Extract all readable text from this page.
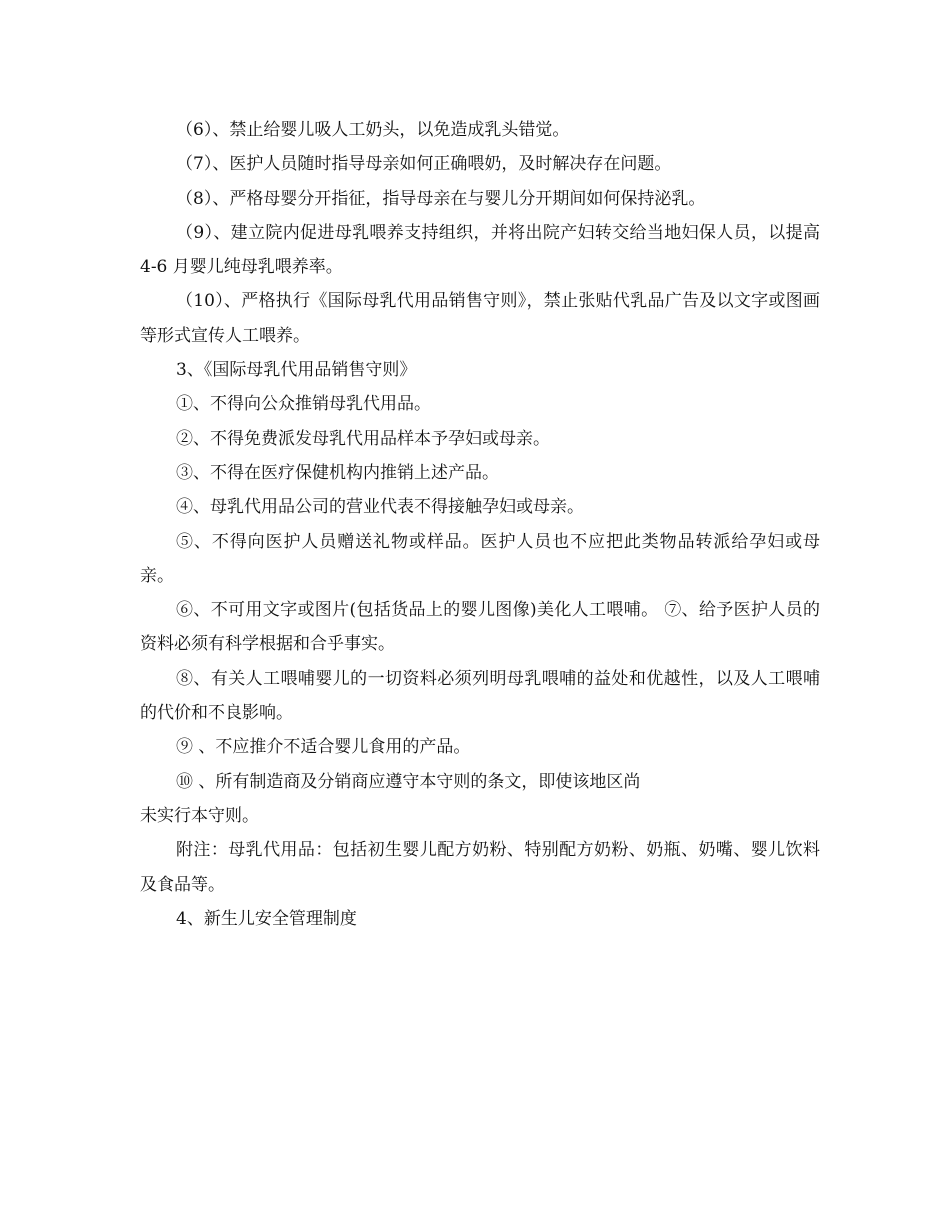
（6）、禁止给婴儿吸人工奶头，以免造成乳头错觉。

（7）、医护人员随时指导母亲如何正确喂奶，及时解决存在问题。

（8）、严格母婴分开指征，指导母亲在与婴儿分开期间如何保持泌乳。

（9）、建立院内促进母乳喂养支持组织，并将出院产妇转交给当地妇保人员，以提高 4-6 月婴儿纯母乳喂养率。

（10）、严格执行《国际母乳代用品销售守则》，禁止张贴代乳品广告及以文字或图画等形式宣传人工喂养。

3、《国际母乳代用品销售守则》

①、不得向公众推销母乳代用品。

②、不得免费派发母乳代用品样本予孕妇或母亲。

③、不得在医疗保健机构内推销上述产品。

④、母乳代用品公司的营业代表不得接触孕妇或母亲。

⑤、不得向医护人员赠送礼物或样品。医护人员也不应把此类物品转派给孕妇或母亲。

⑥、不可用文字或图片(包括货品上的婴儿图像)美化人工喂哺。 ⑦、给予医护人员的资料必须有科学根据和合乎事实。

⑧、有关人工喂哺婴儿的一切资料必须列明母乳喂哺的益处和优越性，以及人工喂哺的代价和不良影响。

⑨ 、不应推介不适合婴儿食用的产品。

⑩ 、所有制造商及分销商应遵守本守则的条文，即使该地区尚

未实行本守则。

附注：母乳代用品：包括初生婴儿配方奶粉、特别配方奶粉、奶瓶、奶嘴、婴儿饮料及食品等。

4、新生儿安全管理制度
